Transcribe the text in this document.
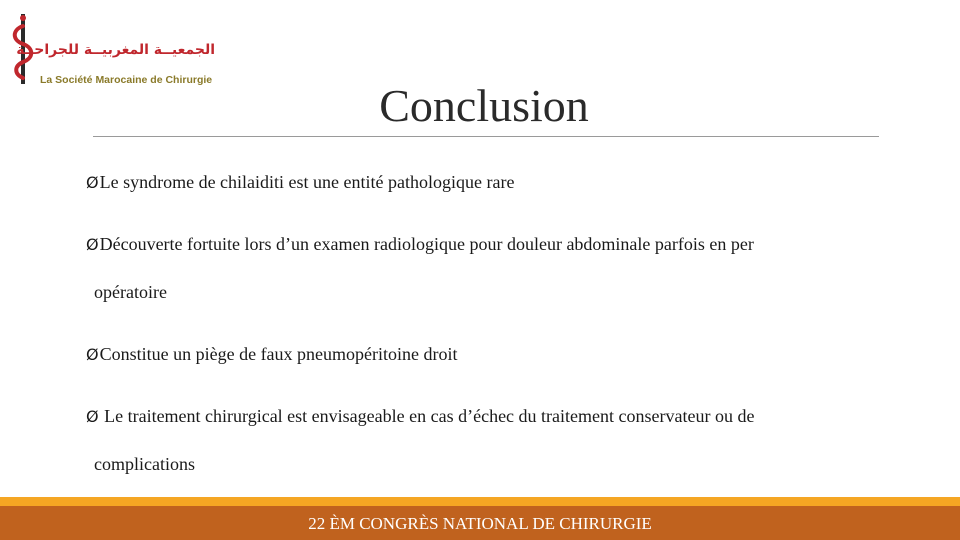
الجمعيــة المغربيــة للجراحــة
La Société Marocaine de Chirurgie	Conclusion
ØLe syndrome de chilaiditi est une entité pathologique rare
ØDécouverte fortuite lors d’un examen radiologique pour douleur abdominale parfois en per
opératoire
ØConstitue un piège de faux pneumopéritoine droit
Ø Le traitement chirurgical est envisageable en cas d’échec du traitement conservateur ou de
complications
22 ÈM CONGRÈS NATIONAL DE CHIRURGIE
